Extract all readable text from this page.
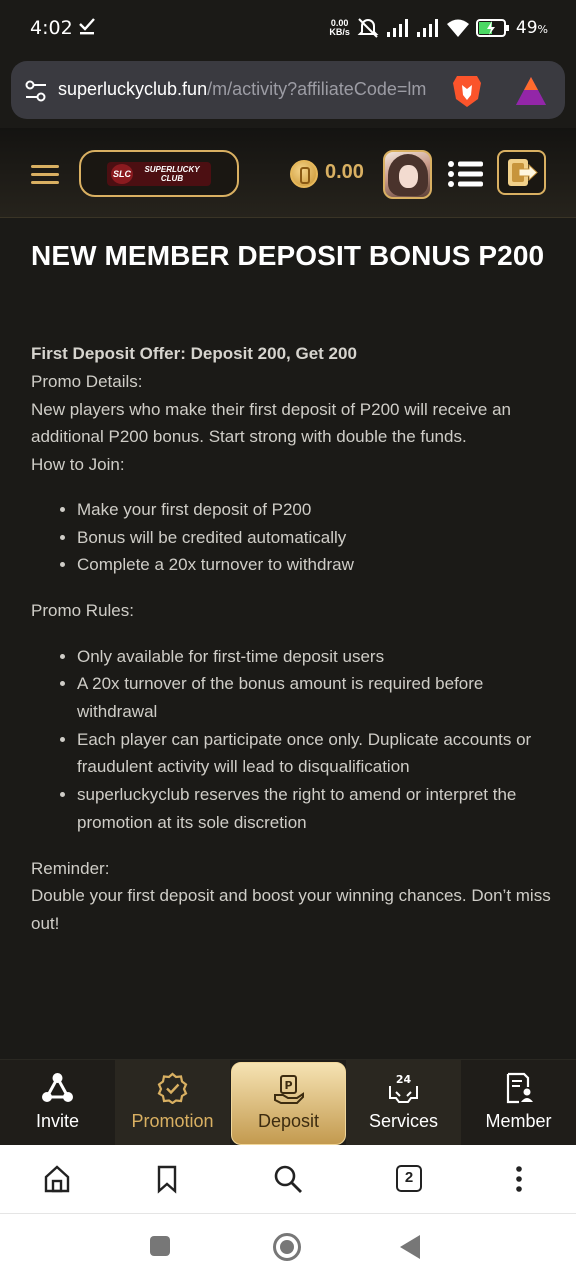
4:02	0.00
KB/s	49%
superluckyclub.fun/m/activity?affiliateCode=lm
SLC	SUPERLUCKY CLUB	0.00
NEW MEMBER DEPOSIT BONUS P200
First Deposit Offer: Deposit 200, Get 200
Promo Details:
New players who make their first deposit of P200 will receive an additional P200 bonus. Start strong with double the funds.
How to Join:
• Make your first deposit of P200
• Bonus will be credited automatically
• Complete a 20x turnover to withdraw
Promo Rules:
• Only available for first-time deposit users
• A 20x turnover of the bonus amount is required before withdrawal
• Each player can participate once only. Duplicate accounts or fraudulent activity will lead to disqualification
• superluckyclub reserves the right to amend or interpret the promotion at its sole discretion
Reminder:
Double your first deposit and boost your winning chances. Don’t miss out!
Invite	Promotion
P
Deposit
24
Services	Member
2
